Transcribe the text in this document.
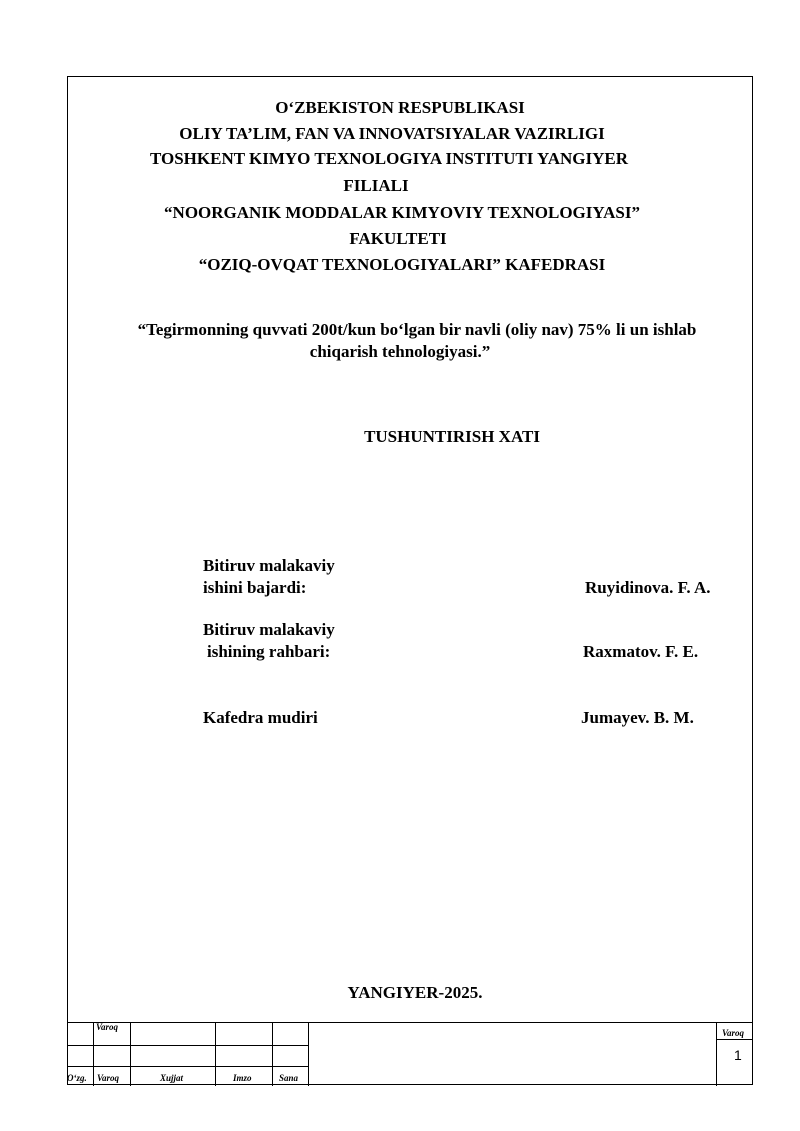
O‘ZBEKISTON RESPUBLIKASI
OLIY TA’LIM, FAN VA INNOVATSIYALAR VAZIRLIGI
TOSHKENT KIMYO TEXNOLOGIYA INSTITUTI YANGIYER
FILIALI
“NOORGANIK MODDALAR KIMYOVIY TEXNOLOGIYASI”
FAKULTETI
“OZIQ-OVQAT TEXNOLOGIYALARI” KAFEDRASI
“Tegirmonning quvvati 200t/kun bo‘lgan bir navli (oliy nav) 75% li un ishlab
chiqarish tehnologiyasi.”
TUSHUNTIRISH XATI
Bitiruv malakaviy
ishini bajardi:	Ruyidinova. F. A.
Bitiruv malakaviy
ishining rahbari:	Raxmatov. F. E.
Kafedra mudiri	Jumayev. B. M.
YANGIYER-2025.
Varoq
O‘zg. Varoq	Xujjat	Imzo	Sana
Varoq
1
